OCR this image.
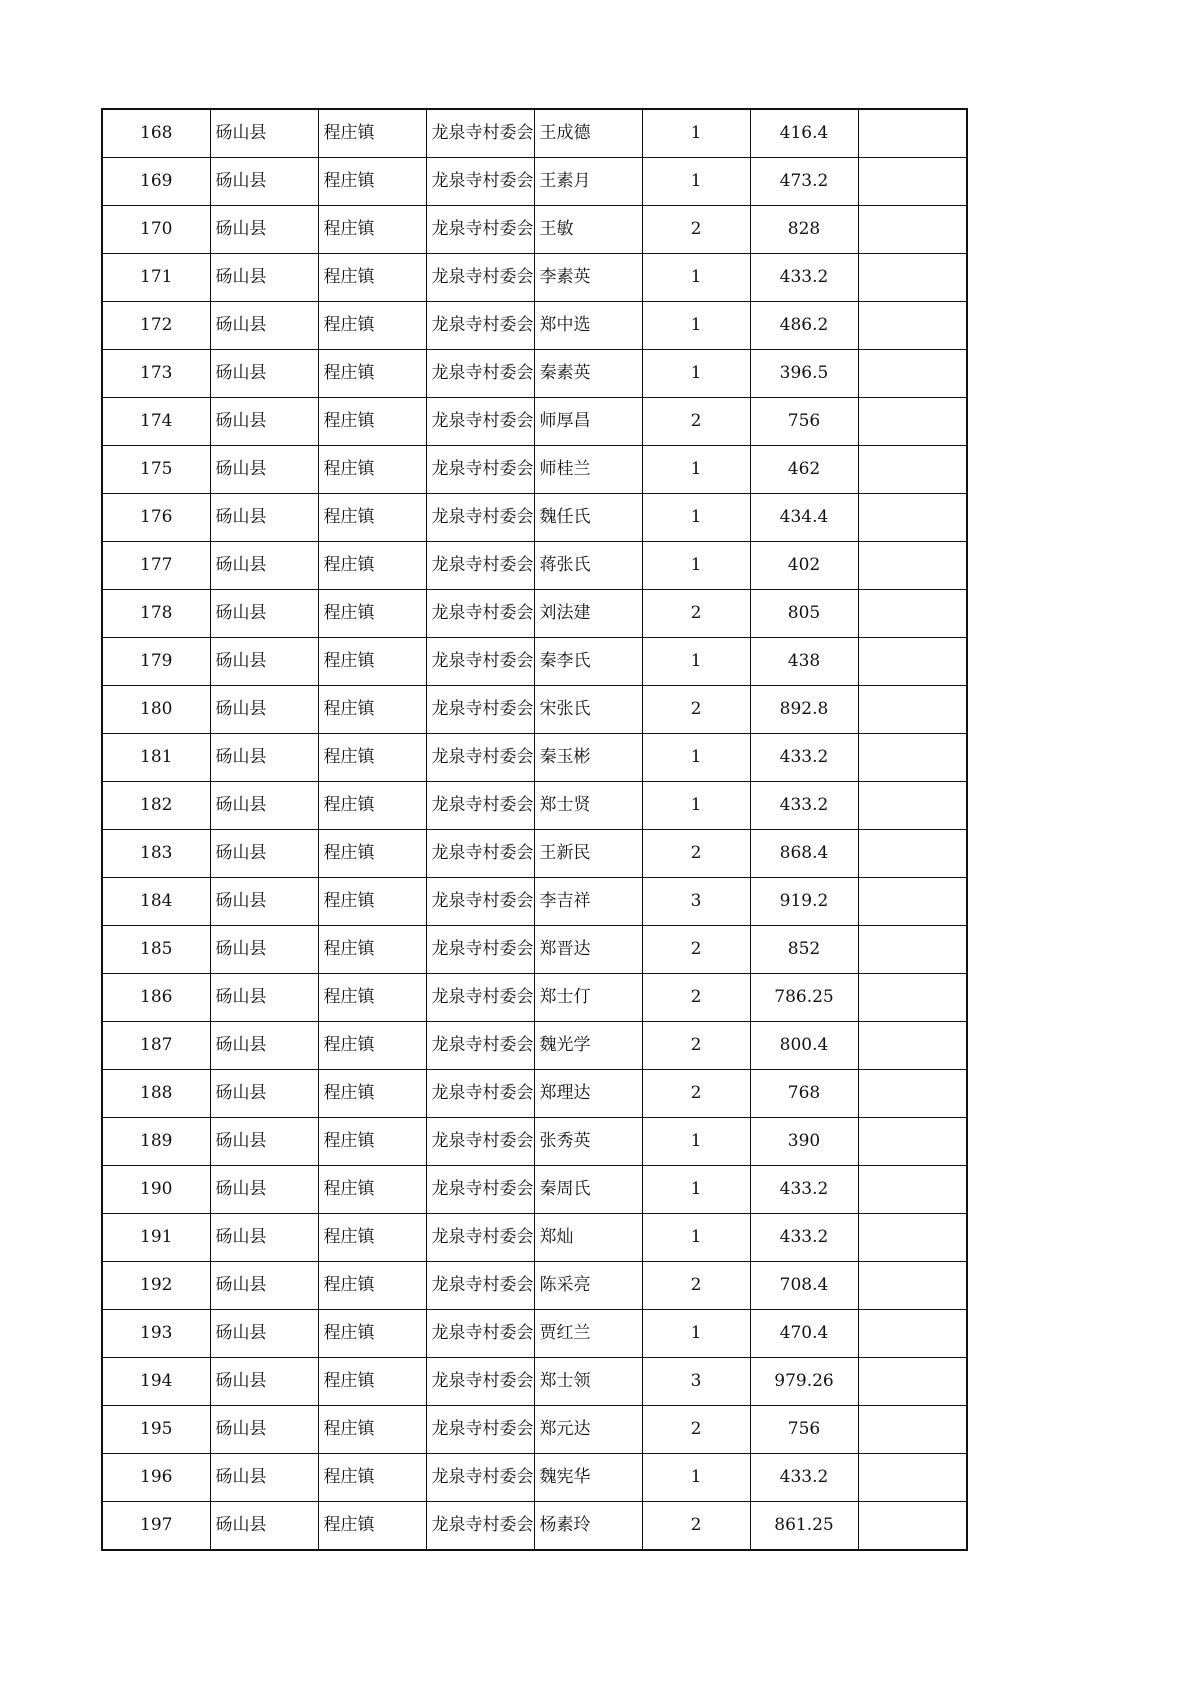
168	砀山县	程庄镇	龙泉寺村委会	王成德	1	416.4	
169	砀山县	程庄镇	龙泉寺村委会	王素月	1	473.2	
170	砀山县	程庄镇	龙泉寺村委会	王敏	2	828	
171	砀山县	程庄镇	龙泉寺村委会	李素英	1	433.2	
172	砀山县	程庄镇	龙泉寺村委会	郑中选	1	486.2	
173	砀山县	程庄镇	龙泉寺村委会	秦素英	1	396.5	
174	砀山县	程庄镇	龙泉寺村委会	师厚昌	2	756	
175	砀山县	程庄镇	龙泉寺村委会	师桂兰	1	462	
176	砀山县	程庄镇	龙泉寺村委会	魏任氏	1	434.4	
177	砀山县	程庄镇	龙泉寺村委会	蒋张氏	1	402	
178	砀山县	程庄镇	龙泉寺村委会	刘法建	2	805	
179	砀山县	程庄镇	龙泉寺村委会	秦李氏	1	438	
180	砀山县	程庄镇	龙泉寺村委会	宋张氏	2	892.8	
181	砀山县	程庄镇	龙泉寺村委会	秦玉彬	1	433.2	
182	砀山县	程庄镇	龙泉寺村委会	郑士贤	1	433.2	
183	砀山县	程庄镇	龙泉寺村委会	王新民	2	868.4	
184	砀山县	程庄镇	龙泉寺村委会	李吉祥	3	919.2	
185	砀山县	程庄镇	龙泉寺村委会	郑晋达	2	852	
186	砀山县	程庄镇	龙泉寺村委会	郑士仃	2	786.25	
187	砀山县	程庄镇	龙泉寺村委会	魏光学	2	800.4	
188	砀山县	程庄镇	龙泉寺村委会	郑理达	2	768	
189	砀山县	程庄镇	龙泉寺村委会	张秀英	1	390	
190	砀山县	程庄镇	龙泉寺村委会	秦周氏	1	433.2	
191	砀山县	程庄镇	龙泉寺村委会	郑灿	1	433.2	
192	砀山县	程庄镇	龙泉寺村委会	陈采亮	2	708.4	
193	砀山县	程庄镇	龙泉寺村委会	贾红兰	1	470.4	
194	砀山县	程庄镇	龙泉寺村委会	郑士领	3	979.26	
195	砀山县	程庄镇	龙泉寺村委会	郑元达	2	756	
196	砀山县	程庄镇	龙泉寺村委会	魏宪华	1	433.2	
197	砀山县	程庄镇	龙泉寺村委会	杨素玲	2	861.25	
